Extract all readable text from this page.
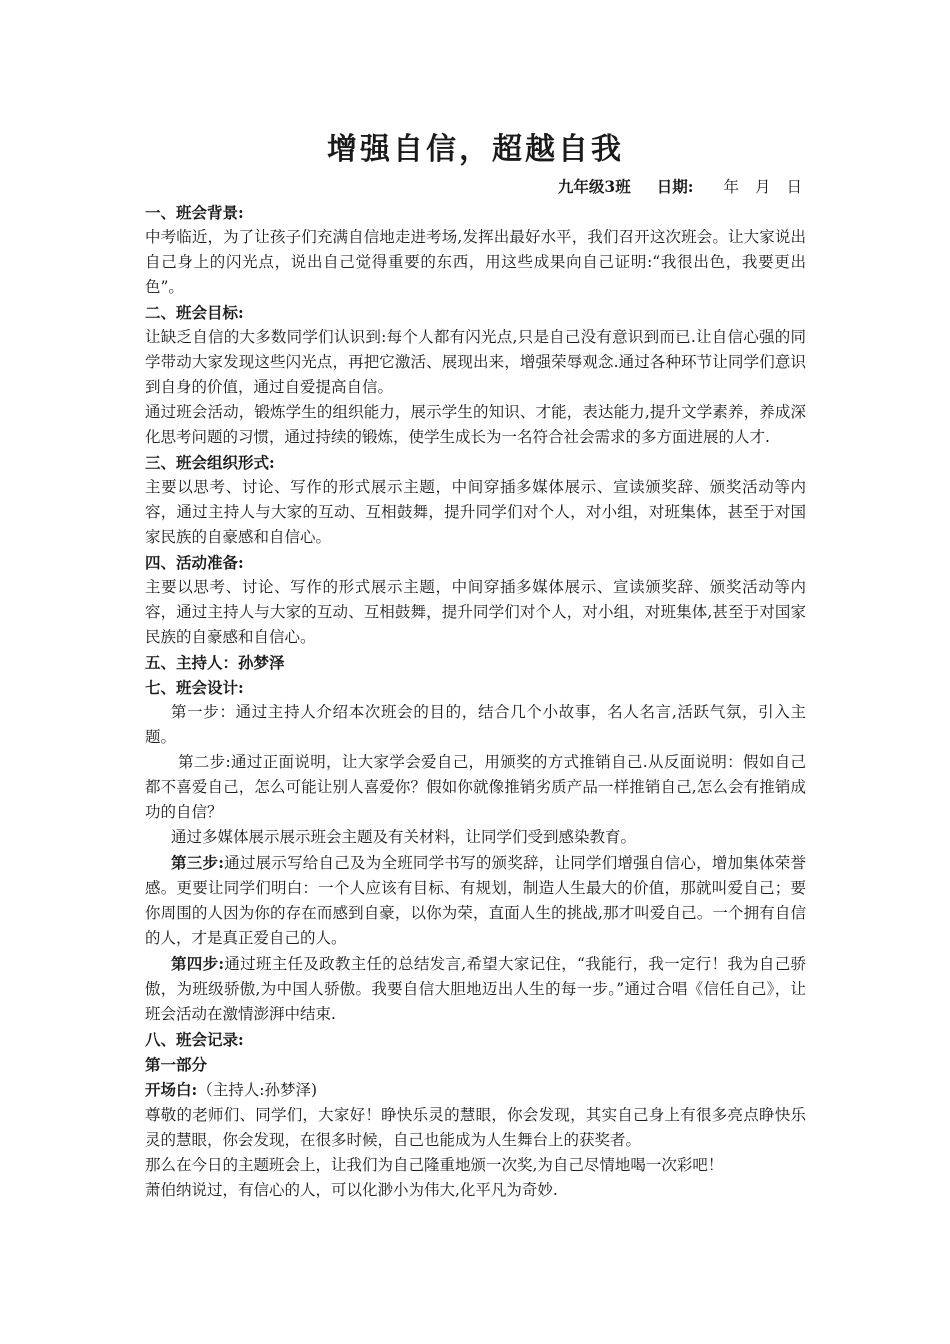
增强自信，超越自我
九年级3班 日期: 年 月 日

一、班会背景:

中考临近，为了让孩子们充满自信地走进考场,发挥出最好水平，我们召开这次班会。让大家说出自己身上的闪光点，说出自己觉得重要的东西，用这些成果向自己证明:“我很出色，我要更出色”。

二、班会目标:

让缺乏自信的大多数同学们认识到:每个人都有闪光点,只是自己没有意识到而已.让自信心强的同学带动大家发现这些闪光点，再把它激活、展现出来，增强荣辱观念.通过各种环节让同学们意识到自身的价值，通过自爱提高自信。

通过班会活动，锻炼学生的组织能力，展示学生的知识、才能，表达能力,提升文学素养，养成深化思考问题的习惯，通过持续的锻炼，使学生成长为一名符合社会需求的多方面进展的人才.

三、班会组织形式:

主要以思考、讨论、写作的形式展示主题，中间穿插多媒体展示、宣读颁奖辞、颁奖活动等内容，通过主持人与大家的互动、互相鼓舞，提升同学们对个人，对小组，对班集体，甚至于对国家民族的自豪感和自信心。

四、活动准备:

主要以思考、讨论、写作的形式展示主题，中间穿插多媒体展示、宣读颁奖辞、颁奖活动等内容，通过主持人与大家的互动、互相鼓舞，提升同学们对个人，对小组，对班集体,甚至于对国家民族的自豪感和自信心。

五、主持人：孙梦泽

七、班会设计:

第一步：通过主持人介绍本次班会的目的，结合几个小故事，名人名言,活跃气氛，引入主题。

第二步:通过正面说明，让大家学会爱自己，用颁奖的方式推销自己.从反面说明：假如自己都不喜爱自己，怎么可能让别人喜爱你？假如你就像推销劣质产品一样推销自己,怎么会有推销成功的自信？

通过多媒体展示展示班会主题及有关材料，让同学们受到感染教育。

第三步:通过展示写给自己及为全班同学书写的颁奖辞，让同学们增强自信心，增加集体荣誉感。更要让同学们明白：一个人应该有目标、有规划，制造人生最大的价值，那就叫爱自己；要你周围的人因为你的存在而感到自豪，以你为荣，直面人生的挑战,那才叫爱自己。一个拥有自信的人，才是真正爱自己的人。

第四步:通过班主任及政教主任的总结发言,希望大家记住，“我能行，我一定行！我为自己骄傲，为班级骄傲,为中国人骄傲。我要自信大胆地迈出人生的每一步。”通过合唱《信任自己》，让班会活动在激情澎湃中结束.

八、班会记录:

第一部分

开场白:（主持人:孙梦泽)

尊敬的老师们、同学们，大家好！睁快乐灵的慧眼，你会发现，其实自己身上有很多亮点睁快乐灵的慧眼，你会发现，在很多时候，自己也能成为人生舞台上的获奖者。

那么在今日的主题班会上，让我们为自己隆重地颁一次奖,为自己尽情地喝一次彩吧！

萧伯纳说过，有信心的人，可以化渺小为伟大,化平凡为奇妙.
